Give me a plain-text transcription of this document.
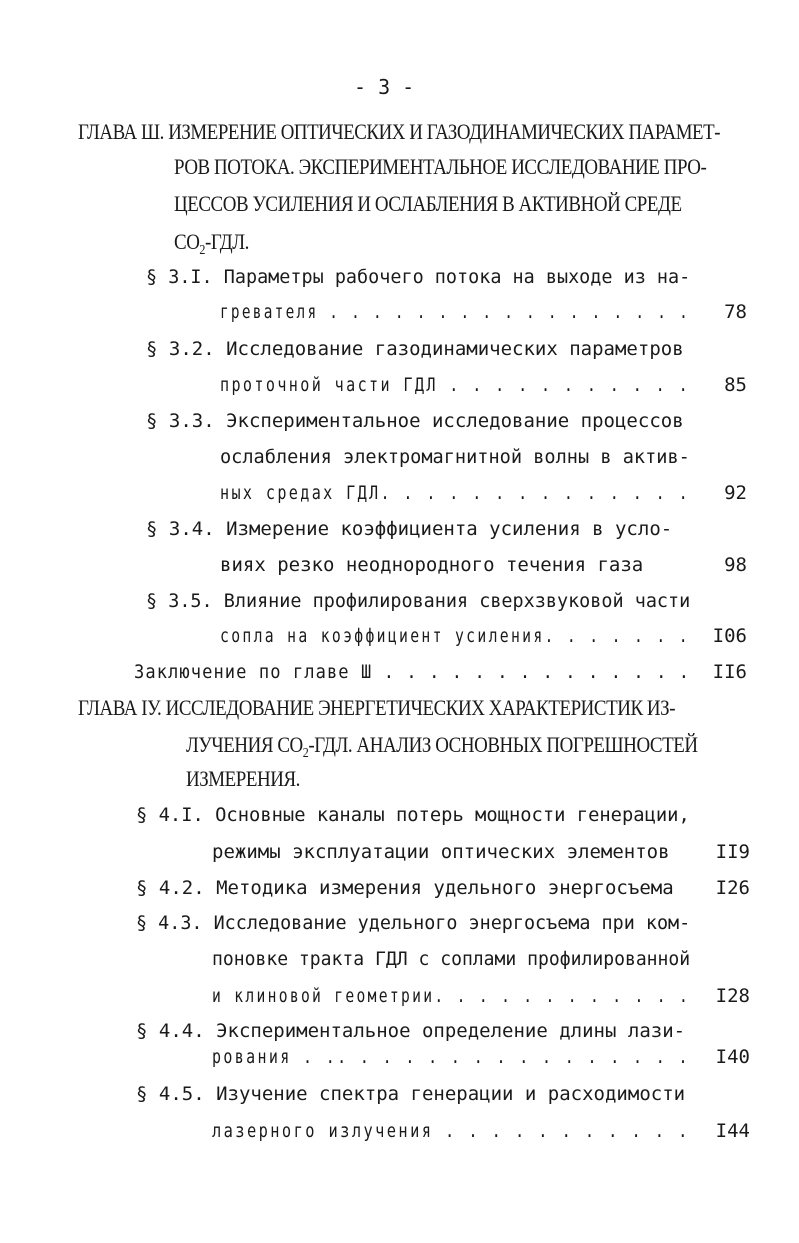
- 3 -
ГЛАВА Ш. ИЗМЕРЕНИЕ ОПТИЧЕСКИХ И ГАЗОДИНАМИЧЕСКИХ ПАРАМЕТ-
РОВ ПОТОКА. ЭКСПЕРИМЕНТАЛЬНОЕ ИССЛЕДОВАНИЕ ПРО-
ЦЕССОВ УСИЛЕНИЯ И ОСЛАБЛЕНИЯ В АКТИВНОЙ СРЕДЕ
$СО_2$-ГДЛ.
§ 3.I. Параметры рабочего потока на выходе из на-
гревателя . . . . . . . . . . . . . . . . .	78
§ 3.2. Исследование газодинамических параметров
проточной части ГДЛ . . . . . . . . . . .	85
§ 3.3. Экспериментальное исследование процессов
ослабления электромагнитной волны в актив-
ных средах ГДЛ. . . . . . . . . . . . . .	92
§ 3.4. Измерение коэффициента усиления в усло-
виях резко неоднородного течения газа	98
§ 3.5. Влияние профилирования сверхзвуковой части
сопла на коэффициент усиления. . . . . . .	I06
Заключение по главе Ш . . . . . . . . . . . . . .	II6
ГЛАВА IУ. ИССЛЕДОВАНИЕ ЭНЕРГЕТИЧЕСКИХ ХАРАКТЕРИСТИК ИЗ-
ЛУЧЕНИЯ $СО_2$-ГДЛ. АНАЛИЗ ОСНОВНЫХ ПОГРЕШНОСТЕЙ
ИЗМЕРЕНИЯ.
§ 4.I. Основные каналы потерь мощности генерации,
режимы эксплуатации оптических элементов	II9
§ 4.2. Методика измерения удельного энергосъема	I26
§ 4.3. Исследование удельного энергосъема при ком-
поновке тракта ГДЛ с соплами профилированной
и клиновой геометрии. . . . . . . . . . . .	I28
§ 4.4. Экспериментальное определение длины лази-
рования . .. . . . . . . . . . . . . . . .	I40
§ 4.5. Изучение спектра генерации и расходимости
лазерного излучения . . . . . . . . . . .	I44
